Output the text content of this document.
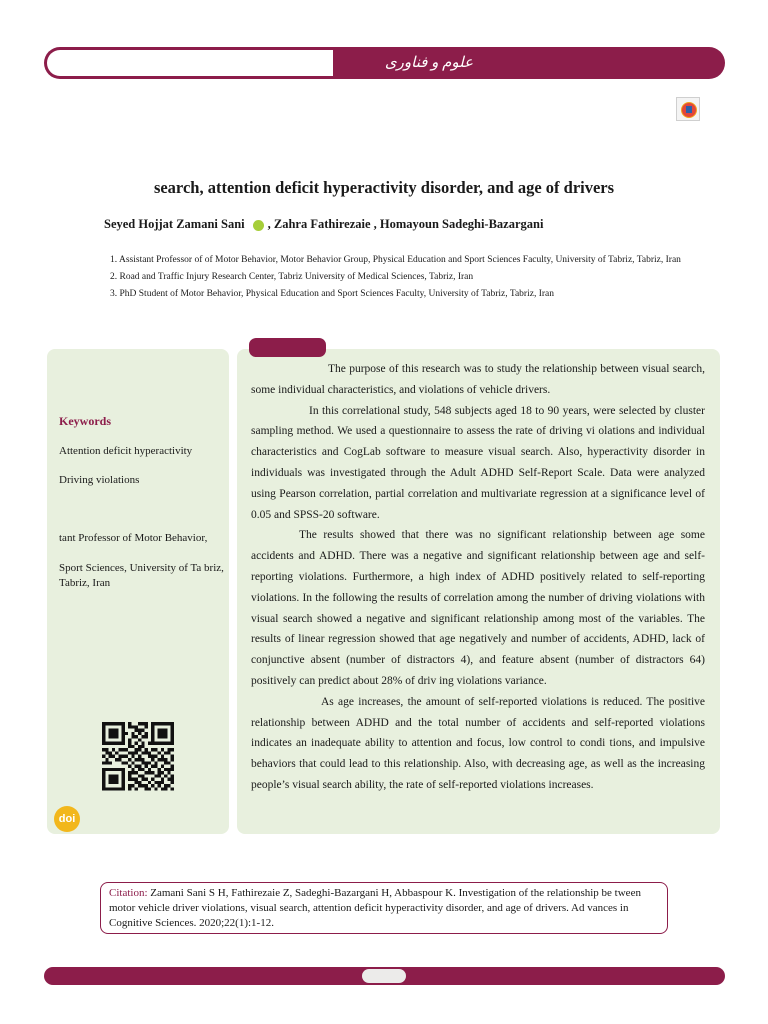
ﻋﻠﻮﻡ ﻭ ﻓﻨﺎﻭﺭی
search, attention deficit hyperactivity disorder, and age of drivers
Seyed Hojjat Zamani Sani , Zahra Fathirezaie , Homayoun Sadeghi-Bazargani

1. Assistant Professor of of Motor Behavior, Motor Behavior Group, Physical Education and Sport Sciences Faculty, University of Tabriz, Tabriz, Iran

2. Road and Traffic Injury Research Center, Tabriz University of Medical Sciences, Tabriz, Iran

3. PhD Student of Motor Behavior, Physical Education and Sport Sciences Faculty, University of Tabriz, Tabriz, Iran

Keywords
Attention deficit hyperactivity
Driving violations
tant Professor of Motor Behavior,
Sport Sciences, University of Ta briz, Tabriz, Iran
doi

The purpose of this research was to study the relationship between visual search, some individual characteristics, and violations of vehicle drivers.

In this correlational study, 548 subjects aged 18 to 90 years, were selected by cluster sampling method. We used a questionnaire to assess the rate of driving vi olations and individual characteristics and CogLab software to measure visual search. Also, hyperactivity disorder in individuals was investigated through the Adult ADHD Self-Report Scale. Data were analyzed using Pearson correlation, partial correlation and multivariate regression at a significance level of 0.05 and SPSS-20 software.

The results showed that there was no significant relationship between age some accidents and ADHD. There was a negative and significant relationship between age and self-reporting violations. Furthermore, a high index of ADHD positively related to self-reporting violations. In the following the results of correlation among the number of driving violations with visual search showed a negative and significant relationship among most of the variables. The results of linear regression showed that age negatively and number of accidents, ADHD, lack of conjunctive absent (number of distractors 4), and feature absent (number of distractors 64) positively can predict about 28% of driv ing violations variance.

As age increases, the amount of self-reported violations is reduced. The positive relationship between ADHD and the total number of accidents and self-reported violations indicates an inadequate ability to attention and focus, low control to condi tions, and impulsive behaviors that could lead to this relationship. Also, with decreasing age, as well as the increasing people’s visual search ability, the rate of self-reported violations increases.

Citation: Zamani Sani S H, Fathirezaie Z, Sadeghi-Bazargani H, Abbaspour K. Investigation of the relationship be tween motor vehicle driver violations, visual search, attention deficit hyperactivity disorder, and age of drivers. Ad vances in Cognitive Sciences. 2020;22(1):1-12.
